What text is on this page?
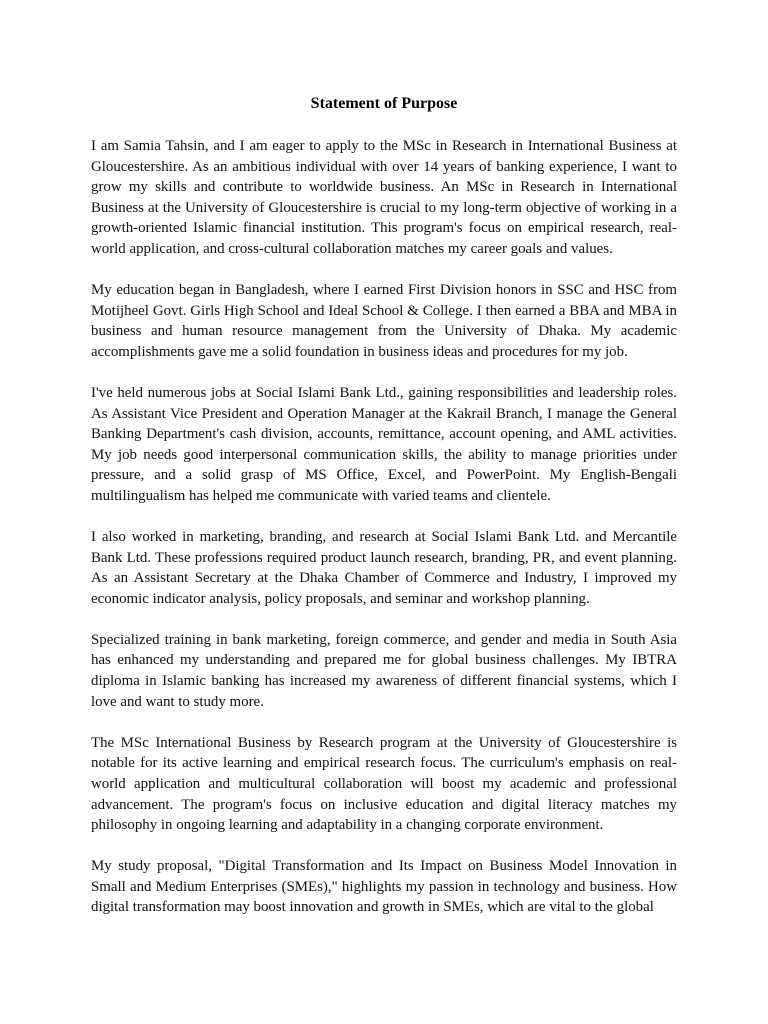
Statement of Purpose

I am Samia Tahsin, and I am eager to apply to the MSc in Research in International Business at Gloucestershire. As an ambitious individual with over 14 years of banking experience, I want to grow my skills and contribute to worldwide business. An MSc in Research in International Business at the University of Gloucestershire is crucial to my long-term objective of working in a growth-oriented Islamic financial institution. This program's focus on empirical research, real-world application, and cross-cultural collaboration matches my career goals and values.

My education began in Bangladesh, where I earned First Division honors in SSC and HSC from Motijheel Govt. Girls High School and Ideal School & College. I then earned a BBA and MBA in business and human resource management from the University of Dhaka. My academic accomplishments gave me a solid foundation in business ideas and procedures for my job.

I've held numerous jobs at Social Islami Bank Ltd., gaining responsibilities and leadership roles. As Assistant Vice President and Operation Manager at the Kakrail Branch, I manage the General Banking Department's cash division, accounts, remittance, account opening, and AML activities. My job needs good interpersonal communication skills, the ability to manage priorities under pressure, and a solid grasp of MS Office, Excel, and PowerPoint. My English-Bengali multilingualism has helped me communicate with varied teams and clientele.

I also worked in marketing, branding, and research at Social Islami Bank Ltd. and Mercantile Bank Ltd. These professions required product launch research, branding, PR, and event planning. As an Assistant Secretary at the Dhaka Chamber of Commerce and Industry, I improved my economic indicator analysis, policy proposals, and seminar and workshop planning.

Specialized training in bank marketing, foreign commerce, and gender and media in South Asia has enhanced my understanding and prepared me for global business challenges. My IBTRA diploma in Islamic banking has increased my awareness of different financial systems, which I love and want to study more.

The MSc International Business by Research program at the University of Gloucestershire is notable for its active learning and empirical research focus. The curriculum's emphasis on real-world application and multicultural collaboration will boost my academic and professional advancement. The program's focus on inclusive education and digital literacy matches my philosophy in ongoing learning and adaptability in a changing corporate environment.

My study proposal, "Digital Transformation and Its Impact on Business Model Innovation in Small and Medium Enterprises (SMEs)," highlights my passion in technology and business. How digital transformation may boost innovation and growth in SMEs, which are vital to the global
